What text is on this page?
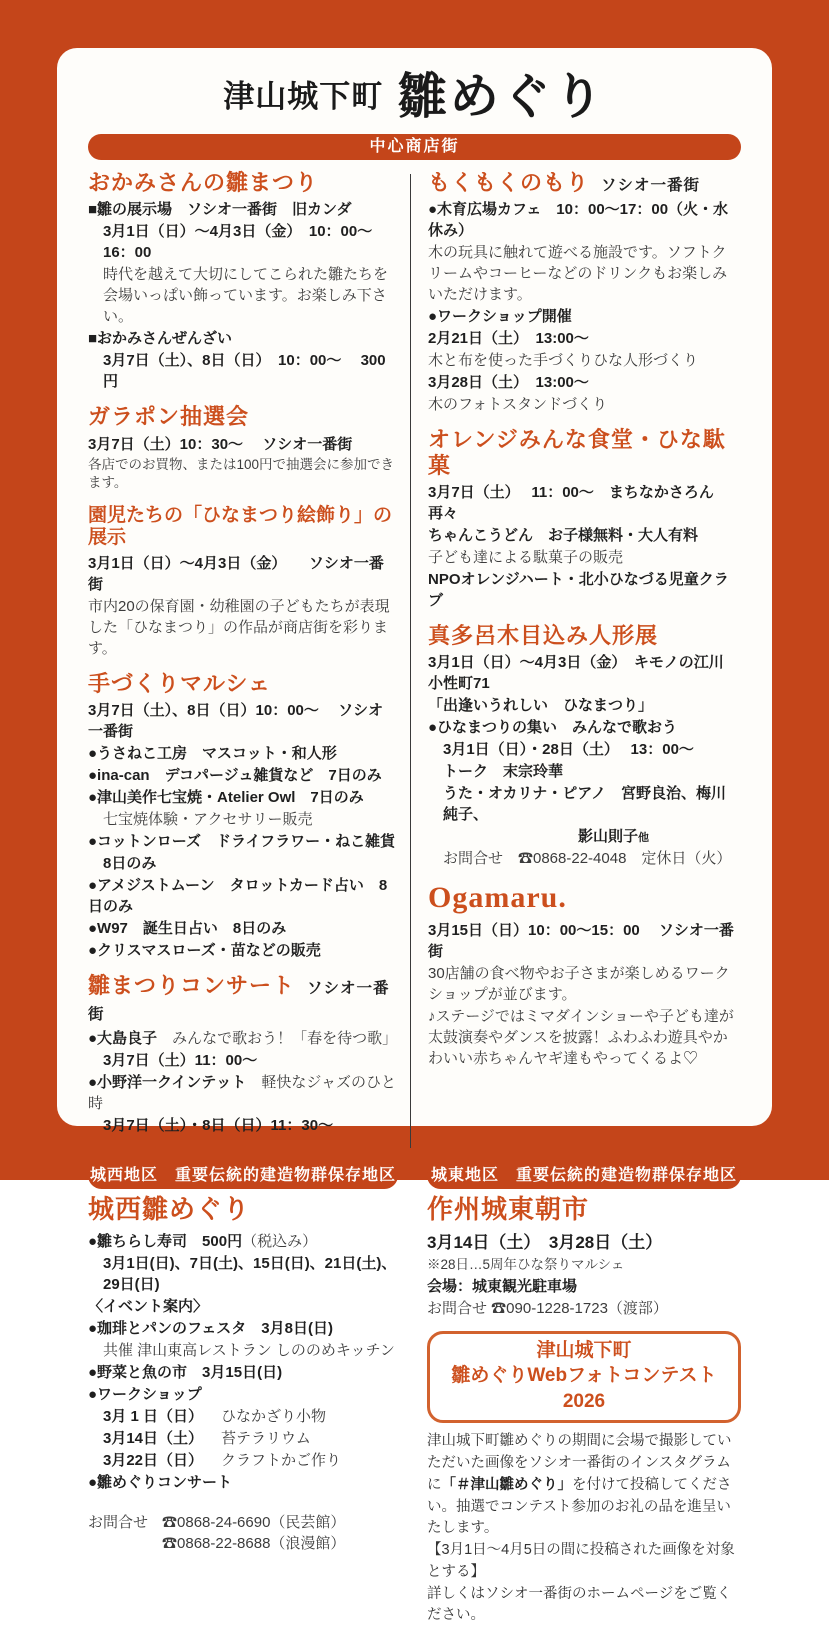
津山城下町 雛めぐり
中心商店街
おかみさんの雛まつり
■雛の展示場　ソシオ一番街　旧カンダ
3月1日（日）～4月3日（金）　10：00～16：00
時代を越えて大切にしてこられた雛たちを会場いっぱい飾っています。お楽しみ下さい。
■おかみさんぜんざい
3月7日（土）、8日（日）　10：00～　 300円
ガラポン抽選会
3月7日（土）10：30～　 ソシオ一番街
各店でのお買物、または100円で抽選会に参加できます。
園児たちの「ひなまつり絵飾り」の展示
3月1日（日）～4月3日（金）　　ソシオ一番街
市内20の保育園・幼稚園の子どもたちが表現した「ひなまつり」の作品が商店街を彩ります。
手づくりマルシェ
3月7日（土）、8日（日）10：00～　 ソシオ一番街
●うさねこ工房　マスコット・和人形
●ina-can　デコパージュ雑貨など　7日のみ
●津山美作七宝焼・Atelier Owl　7日のみ
七宝焼体験・アクセサリー販売
●コットンローズ　ドライフラワー・ねこ雑貨
8日のみ
●アメジストムーン　タロットカード占い　8日のみ
●W97　誕生日占い　8日のみ
●クリスマスローズ・苗などの販売
雛まつりコンサート ソシオ一番街
●大島良子　 みんなで歌おう！「春を待つ歌」
3月7日（土）11：00～
●小野洋一クインテット　 軽快なジャズのひと時
3月7日（土）・8日（日）11：30～
もくもくのもり ソシオ一番街
●木育広場カフェ　10：00～17：00（火・水休み）
木の玩具に触れて遊べる施設です。ソフトクリームやコーヒーなどのドリンクもお楽しみいただけます。
●ワークショップ開催
2月21日（土）　13:00～
木と布を使った手づくりひな人形づくり
3月28日（土）　13:00～
木のフォトスタンドづくり
オレンジみんな食堂・ひな駄菓
3月7日（土）　 11：00～　まちなかさろん再々
ちゃんこうどん　お子様無料・大人有料
子ども達による駄菓子の販売
NPOオレンジハート・北小ひなづる児童クラブ
真多呂木目込み人形展
3月1日（日）～4月3日（金）　キモノの江川　小性町71
「出逢いうれしい　ひなまつり」
●ひなまつりの集い　みんなで歌おう
3月1日（日）・28日（土）　 13：00～
トーク　末宗玲華
うた・オカリナ・ピアノ　宮野良治、梅川純子、
影山則子他
お問合せ　☎0868-22-4048　定休日（火）
Ogamaru.
3月15日（日）10：00～15：00　 ソシオ一番街
30店舗の食べ物やお子さまが楽しめるワークショップが並びます。
♪ステージではミマダインショーや子ども達が太鼓演奏やダンスを披露！ふわふわ遊具やかわいい赤ちゃんヤギ達もやってくるよ♡
城西地区　重要伝統的建造物群保存地区
城西雛めぐり
●雛ちらし寿司　500円（税込み）
3月1日(日)、7日(土)、15日(日)、21日(土)、29日(日)
〈イベント案内〉
●珈琲とパンのフェスタ　3月8日(日)
共催 津山東高レストラン しののめキッチン
●野菜と魚の市　3月15日(日)
●ワークショップ
3月 1 日（日）	ひなかざり小物
3月14日（土）	苔テラリウム
3月22日（日）	クラフトかご作り
●雛めぐりコンサート
お問合せ ☎0868-24-6690（民芸館）
☎0868-22-8688（浪漫館）
城東地区　重要伝統的建造物群保存地区
作州城東朝市
3月14日（土）　3月28日（土）
※28日…5周年ひな祭りマルシェ
会場：城東観光駐車場
お問合せ ☎090-1228-1723（渡部）
津山城下町
雛めぐりWebフォトコンテスト2026
津山城下町雛めぐりの期間に会場で撮影していただいた画像をソシオ一番街のインスタグラムに「＃津山雛めぐり」を付けて投稿してください。抽選でコンテスト参加のお礼の品を進呈いたします。
【3月1日～4月5日の間に投稿された画像を対象とする】
詳しくはソシオ一番街のホームページをご覧ください。
